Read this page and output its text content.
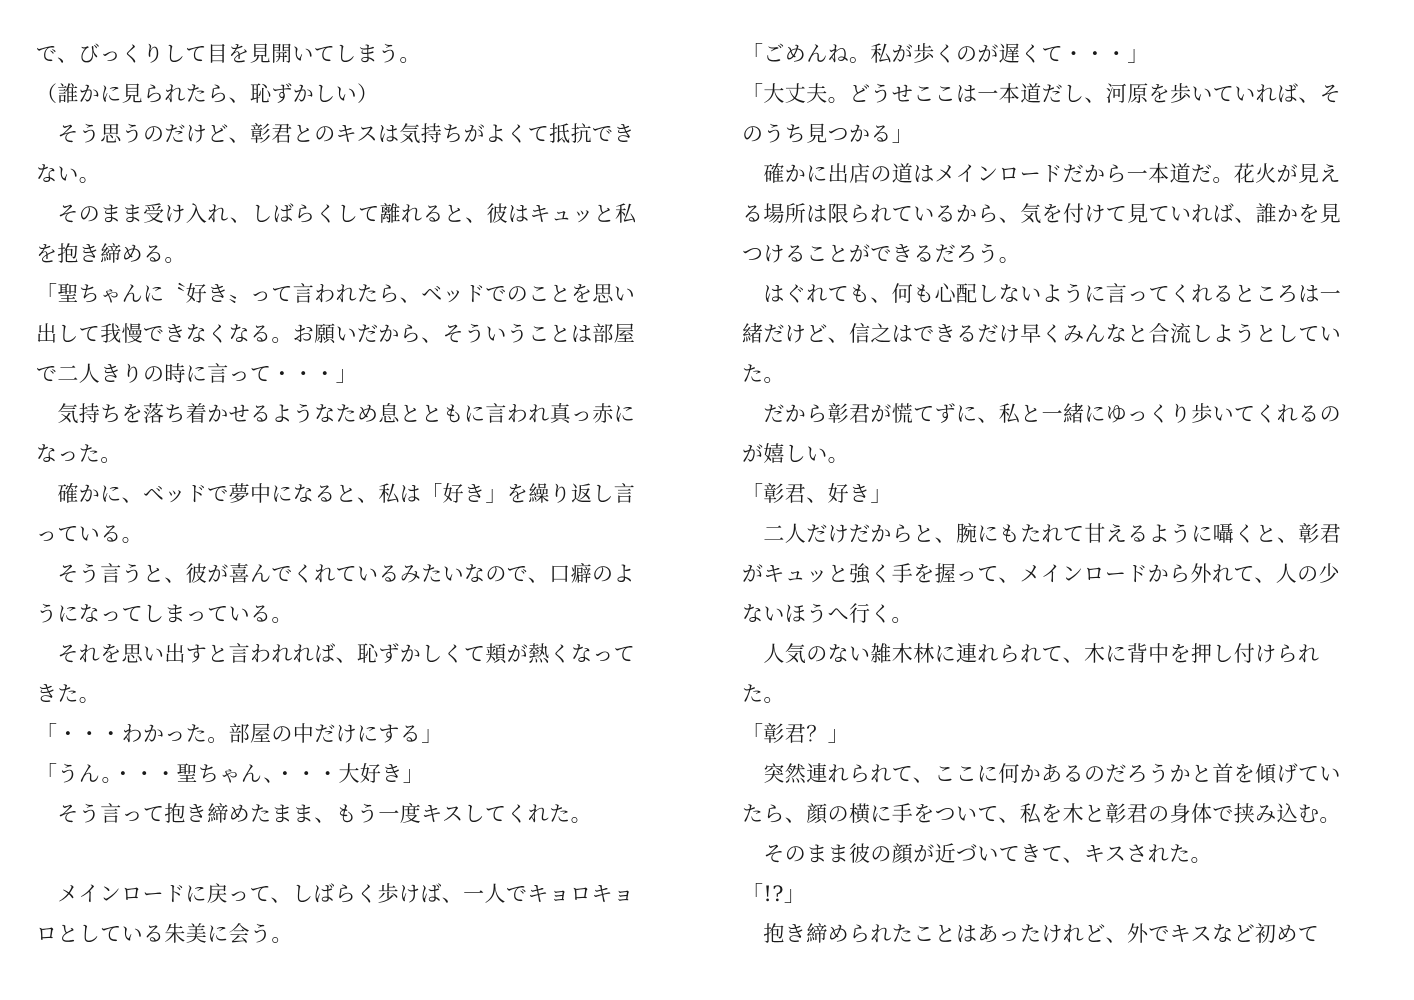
で、びっくりして目を見開いてしまう。
（誰かに見られたら、恥ずかしい）
　そう思うのだけど、彰君とのキスは気持ちがよくて抵抗でき
ない。
　そのまま受け入れ、しばらくして離れると、彼はキュッと私
を抱き締める。
「聖ちゃんに〝好き〟って言われたら、ベッドでのことを思い
出して我慢できなくなる。お願いだから、そういうことは部屋
で二人きりの時に言って・・・」
　気持ちを落ち着かせるようなため息とともに言われ真っ赤に
なった。
　確かに、ベッドで夢中になると、私は「好き」を繰り返し言
っている。
　そう言うと、彼が喜んでくれているみたいなので、口癖のよ
うになってしまっている。
　それを思い出すと言われれば、恥ずかしくて頬が熱くなって
きた。
「・・・わかった。部屋の中だけにする」
「うん。・・・聖ちゃん、・・・大好き」
　そう言って抱き締めたまま、もう一度キスしてくれた。
　メインロードに戻って、しばらく歩けば、一人でキョロキョ
ロとしている朱美に会う。
「ごめんね。私が歩くのが遅くて・・・」
「大丈夫。どうせここは一本道だし、河原を歩いていれば、そ
のうち見つかる」
　確かに出店の道はメインロードだから一本道だ。花火が見え
る場所は限られているから、気を付けて見ていれば、誰かを見
つけることができるだろう。
　はぐれても、何も心配しないように言ってくれるところは一
緒だけど、信之はできるだけ早くみんなと合流しようとしてい
た。
　だから彰君が慌てずに、私と一緒にゆっくり歩いてくれるの
が嬉しい。
「彰君、好き」
　二人だけだからと、腕にもたれて甘えるように囁くと、彰君
がキュッと強く手を握って、メインロードから外れて、人の少
ないほうへ行く。
　人気のない雑木林に連れられて、木に背中を押し付けられ
た。
「彰君？」
　突然連れられて、ここに何かあるのだろうかと首を傾げてい
たら、顔の横に手をついて、私を木と彰君の身体で挟み込む。
　そのまま彼の顔が近づいてきて、キスされた。
「!?」
　抱き締められたことはあったけれど、外でキスなど初めて
